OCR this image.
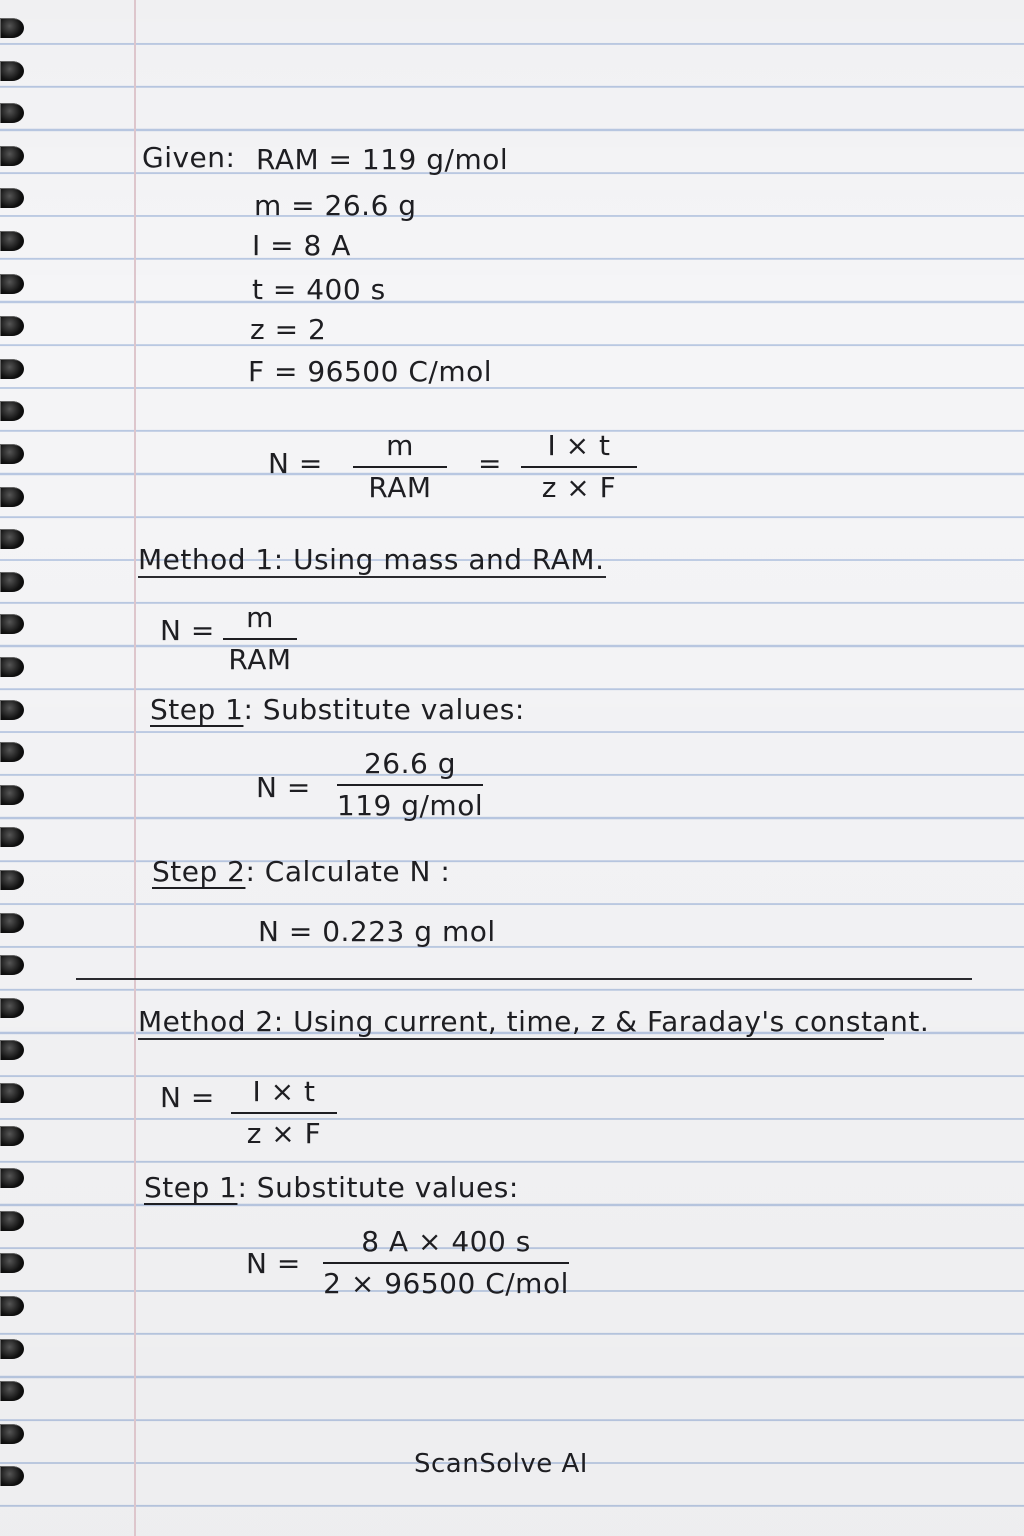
Given: RAM = 119 g/mol
m = 26.6 g
I = 8 A
t = 400 s
z = 2
F = 96500 C/mol
N =
m
RAM
=
I × t
z × F
Method 1: Using mass and RAM.
N = m
RAM
Step 1: Substitute values:
N =
26.6 g
119 g/mol
Step 2: Calculate N :
N = 0.223 g mol
Method 2: Using current, time, z & Faraday's constant.
N = I × t
z × F
Step 1: Substitute values:
N =
8 A × 400 s
2 × 96500 C/mol
ScanSolve AI
